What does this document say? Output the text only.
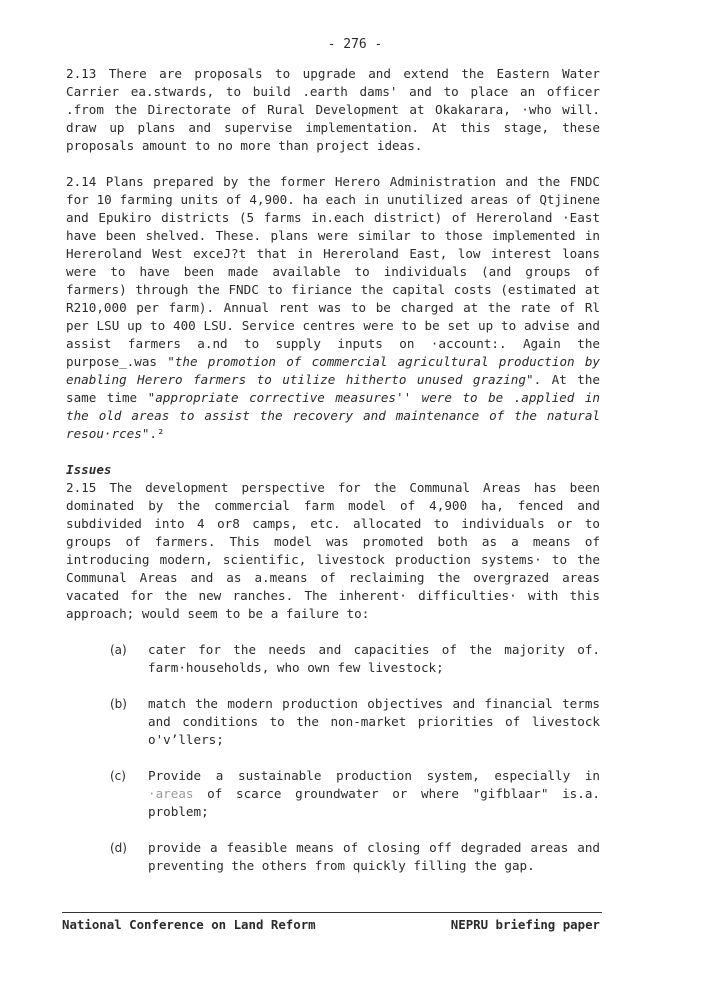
- 276 -

2.13 There are proposals to upgrade and extend the Eastern Water Carrier ea.stwards, to build .earth dams' and to place an officer .from the Directorate of Rural Development at Okakarara, ·who will. draw up plans and supervise implementation. At this stage, these proposals amount to no more than project ideas.

2.14 Plans prepared by the former Herero Administration and the FNDC for 10 farming units of 4,900. ha each in unutilized areas of Qtjinene and Epukiro districts (5 farms in.each district) of Hereroland ·East have been shelved. These. plans were similar to those implemented in Hereroland West exceJ?t that in Hereroland East, low interest loans were to have been made available to individuals (and groups of farmers) through the FNDC to firiance the capital costs (estimated at R210,000 per farm). Annual rent was to be charged at the rate of Rl per LSU up to 400 LSU. Service centres were to be set up to advise and assist farmers a.nd to supply inputs on ·account:. Again the purpose_.was "the promotion of commercial agricultural production by enabling Herero farmers to utilize hitherto unused grazing". At the same time "appropriate corrective measures'' were to be .applied in the old areas to assist the recovery and maintenance of the natural resou·rces".²

Issues

2.15 The development perspective for the Communal Areas has been dominated by the commercial farm model of 4,900 ha, fenced and subdivided into 4 or8 camps, etc. allocated to individuals or to groups of farmers. This model was promoted both as a means of introducing modern, scientific, livestock production systems· to the Communal Areas and as a.means of reclaiming the overgrazed areas vacated for the new ranches. The inherent· difficulties· with this approach; would seem to be a failure to:

(a)	cater for the needs and capacities of the majority of. farm·households, who own few livestock;
(b)	match the modern production objectives and financial terms and conditions to the non-market priorities of livestock o'v’llers;
(c)	Provide a sustainable production system, especially in ·areas of scarce groundwater or where "gifblaar" is.a. problem;
(d)	provide a feasible means of closing off degraded areas and preventing the others from quickly filling the gap.
National Conference on Land Reform	NEPRU briefing paper
